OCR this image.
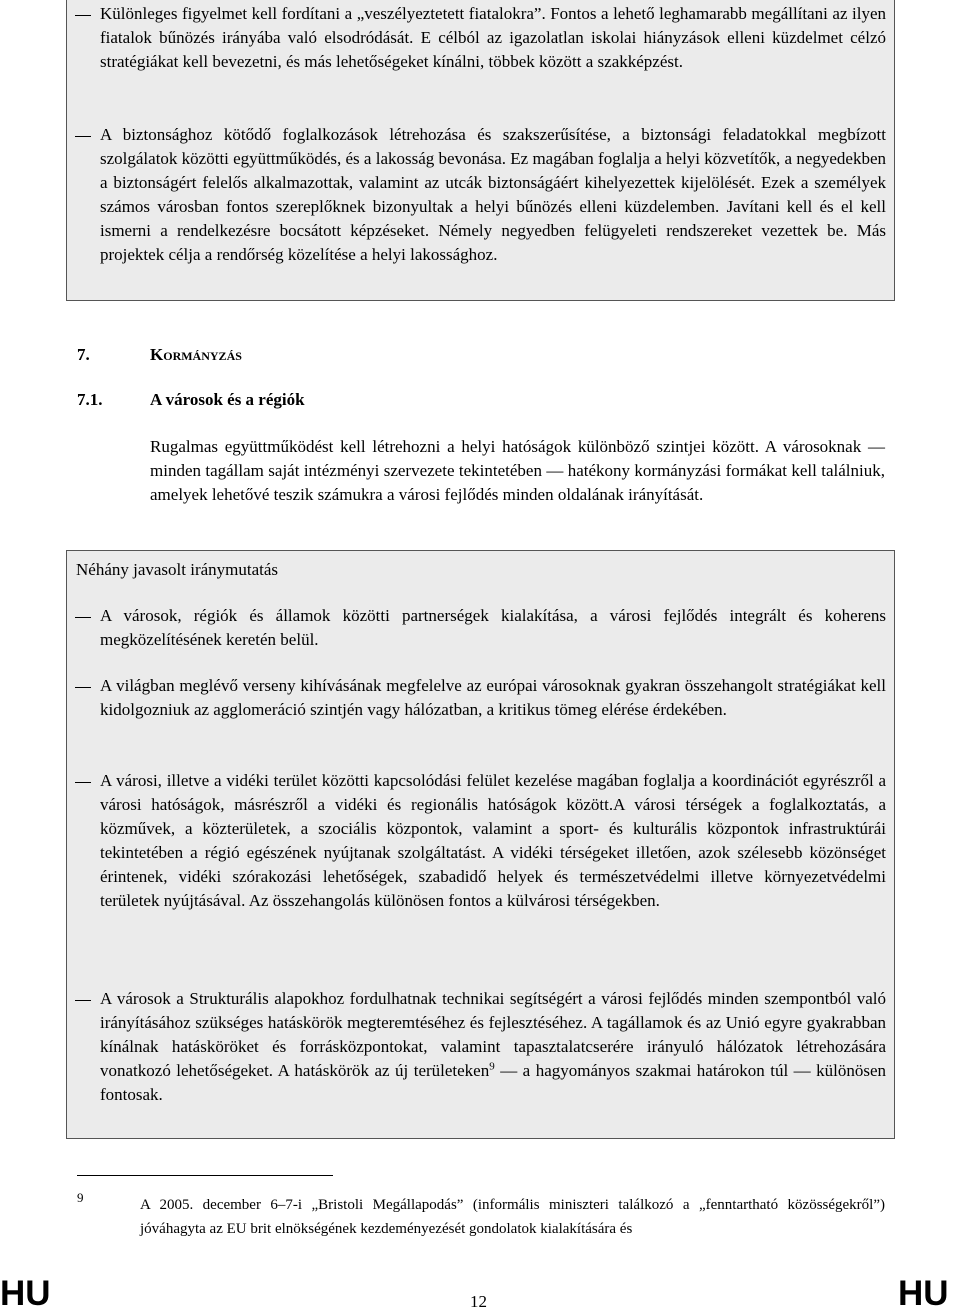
Különleges figyelmet kell fordítani a „veszélyeztetett fiatalokra”. Fontos a lehető leghamarabb megállítani az ilyen fiatalok bűnözés irányába való elsodródását. E célból az igazolatlan iskolai hiányzások elleni küzdelmet célzó stratégiákat kell bevezetni, és más lehetőségeket kínálni, többek között a szakképzést.

A biztonsághoz kötődő foglalkozások létrehozása és szakszerűsítése, a biztonsági feladatokkal megbízott szolgálatok közötti együttműködés, és a lakosság bevonása. Ez magában foglalja a helyi közvetítők, a negyedekben a biztonságért felelős alkalmazottak, valamint az utcák biztonságáért kihelyezettek kijelölését. Ezek a személyek számos városban fontos szereplőknek bizonyultak a helyi bűnözés elleni küzdelemben. Javítani kell és el kell ismerni a rendelkezésre bocsátott képzéseket. Némely negyedben felügyeleti rendszereket vezettek be. Más projektek célja a rendőrség közelítése a helyi lakossághoz.

7.	Kormányzás

7.1.	A városok és a régiók

Rugalmas együttműködést kell létrehozni a helyi hatóságok különböző szintjei között. A városoknak — minden tagállam saját intézményi szervezete tekintetében — hatékony kormányzási formákat kell találniuk, amelyek lehetővé teszik számukra a városi fejlődés minden oldalának irányítását.

Néhány javasolt iránymutatás

A városok, régiók és államok közötti partnerségek kialakítása, a városi fejlődés integrált és koherens megközelítésének keretén belül.

A világban meglévő verseny kihívásának megfelelve az európai városoknak gyakran összehangolt stratégiákat kell kidolgozniuk az agglomeráció szintjén vagy hálózatban, a kritikus tömeg elérése érdekében.

A városi, illetve a vidéki terület közötti kapcsolódási felület kezelése magában foglalja a koordinációt egyrészről a városi hatóságok, másrészről a vidéki és regionális hatóságok között.A városi térségek a foglalkoztatás, a közművek, a közterületek, a szociális központok, valamint a sport- és kulturális központok infrastruktúrái tekintetében a régió egészének nyújtanak szolgáltatást. A vidéki térségeket illetően, azok szélesebb közönséget érintenek, vidéki szórakozási lehetőségek, szabadidő helyek és természetvédelmi illetve környezetvédelmi területek nyújtásával. Az összehangolás különösen fontos a külvárosi térségekben.

A városok a Strukturális alapokhoz fordulhatnak technikai segítségért a városi fejlődés minden szempontból való irányításához szükséges hatáskörök megteremtéséhez és fejlesztéséhez. A tagállamok és az Unió egyre gyakrabban kínálnak hatásköröket és forrásközpontokat, valamint tapasztalatcserére irányuló hálózatok létrehozására vonatkozó lehetőségeket. A hatáskörök az új területeken$^9$ — a hagyományos szakmai határokon túl — különösen fontosak.

9	A 2005. december 6–7-i „Bristoli Megállapodás” (informális miniszteri találkozó a „fenntartható közösségekről”) jóváhagyta az EU brit elnökségének kezdeményezését gondolatok kialakítására és

HU	12	HU
